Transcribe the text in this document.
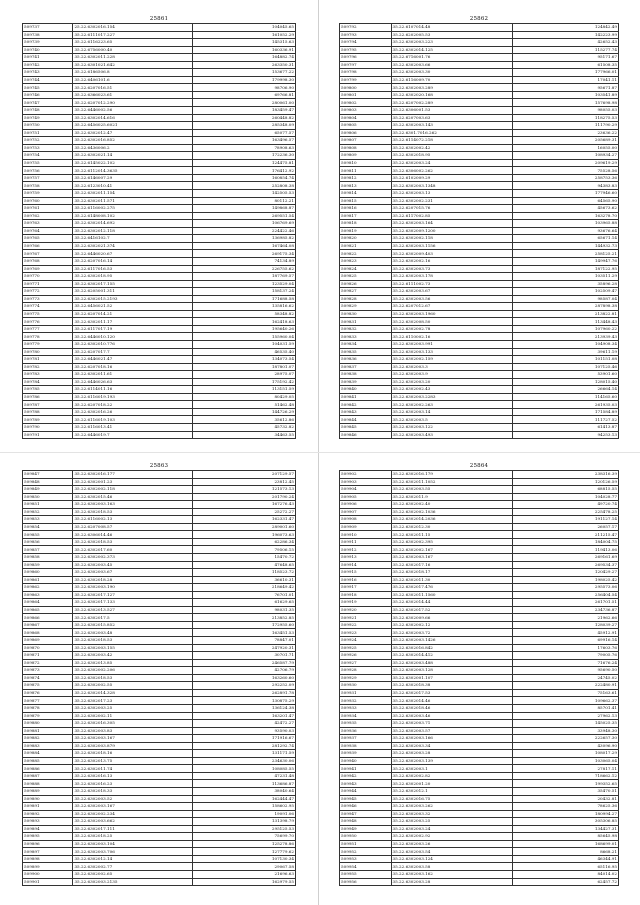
25861
509737	25.22.6302016.154	104045.65
509738	35.22.6111017.227	161052.29
509739	35.22.6116223.65	145315.63
509740	35.22.6756000.40	160336.91
509741	35.22.6302011.228	164882.74
509742	35.22.6301021.642	263350.31
509743	35.22.6186506.8	153677.22
509744	35.22.6406101.6	179998.30
509745	35.22.6207016.51	98706.90
509746	35.22.6366023.61	69766.81
509747	35.22.6207012.290	280061.00
509748	35.22.6446002.56	183459.47
509749	35.22.6302014.616	260448.82
509750	35.22.6456025.6021	285348.09
509751	35.22.6302012.47	65077.57
509752	35.22.6302016.852	163496.57
509753	35.22.6436006.2	78908.63
509754	35.22.6302021.14	172236.30
509755	35.22.6145022.102	124475.81
509756	35.22.6112014.3635	176412.92
509757	35.22.6146007.29	160854.74
509758	35.22.6123010.41	252808.38
509759	35.22.6302011.154	142505.53
509760	35.22.6302011.571	80112.21
509761	35.22.6116002.275	149868.87
509762	35.22.6148008.102	269551.54
509763	35.22.6302014.692	106769.69
509764	35.22.6302012.118	224422.46
509765	35.22.6416102.7	136985.82
509766	35.22.6302021.374	167464.08
509767	35.22.6446020.67	269175.34
509768	35.22.6207016.14	74134.89
509769	35.22.6117016.53	226755.62
509770	35.22.6302018.95	187769.57
509771	35.22.6302017.155	123529.04
509772	35.22.6205001.311	158137.24
509773	35.22.6302015.2193	171688.58
509774	35.22.6456021.52	135816.62
509775	35.22.6207014.21	58348.82
509776	35.22.6302011.17	162418.63
509777	35.22.6117017.19	195640.26
509778	35.22.6446010.120	155960.04
509779	35.22.6302010.776	104031.59
509780	35.22.6207017.7	46535.40
509781	35.22.6446021.47	134073.54
509782	35.22.6207018.16	187801.07
509783	35.22.6302011.61	28975.07
509784	35.22.6446026.63	175192.42
509785	35.22.6114011.16	113151.59
509786	35.22.6116019.193	80429.05
509787	35.22.6207018.22	51462.48
509788	35.22.6302016.26	144726.29
509789	35.22.6116019.103	35612.86
509790	35.22.6116013.41	45732.82
509791	35.22.6446019.7	34463.55
25862
509792	35.22.6107014.48	124842.49
509793	35.22.6202005.53	142223.99
509794	35.22.6302003.223	42652.43
509795	35.22.6302014.125	115277.74
509796	35.22.6716001.76	95171.67
509797	35.22.6302003.66	61508.35
509798	35.22.6302003.30	177966.01
509799	35.22.6116009.70	17041.11
509800	35.22.6302003.289	95671.87
509801	35.22.6302020.168	103541.89
509802	35.22.6207002.289	157698.98
509803	35.22.6306001.53	98055.03
509804	35.22.6207003.63	118275.53
509805	35.22.6302003.143	111790.29
509806	35.22.6301.7016.262	23636.22
509807	35.22.6114072.218	205689.31
509808	35.22.6302002.42	16055.00
509809	35.22.6302018.95	108934.27
509810	35.22.6302003.24	209619.29
509811	35.22.6306002.262	75528.56
509812	35.22.6102009.29	258753.36
509813	35.22.6302003.1348	94383.83
509814	35.22.6302003.13	177946.60
509815	35.22.6302002.231	64565.90
509816	35.22.6207015.76	45673.62
509817	35.22.6117002.85	163278.70
509818	35.22.6302003.164	103965.88
509819	35.22.6302009.1200	93676.64
509820	35.22.6302002.118	65671.14
509821	35.22.6302003.1156	144932.73
509822	35.22.6302009.403	258125.21
509823	35.22.6302002.16	149947.76
509824	35.22.6302003.73	187122.95
509825	35.22.6302003.178	103511.29
509826	35.22.6111002.73	35896.28
509827	35.22.6302003.67	102509.47
509828	35.22.6302003.56	98587.04
509829	35.22.6207012.67	287898.38
509830	35.22.6302003.1960	213822.81
509831	35.22.6302008.50	113448.43
509832	35.22.6302002.78	107960.22
509833	35.22.6110002.16	213939.43
509834	35.22.6302003.991	104908.34
509835	35.22.6302003.133	39611.19
509836	35.22.6302002.159	101151.08
509837	35.22.6302003.3	107125.46
509838	35.22.6302003.9	53901.60
509839	35.22.6302003.20	128015.40
509840	35.22.6302002.43	26664.14
509841	35.22.6302003.2283	114165.60
509842	35.22.6302002.263	261935.03
509843	35.22.6302003.14	171584.89
509844	35.22.6302003.5	111727.52
509845	35.22.6302003.122	61413.87
509846	35.22.6302003.493	94253.13
25863
509847	35.22.6302016.177	207129.57
509848	35.22.6302001.23	23812.45
509849	35.22.6302002.118	121573.13
509850	35.22.6302015.46	201790.24
509851	35.22.6302003.163	167276.43
509852	35.22.6302018.53	25272.27
509853	35.22.6116002.13	162331.47
509854	35.22.6207008.57	289001.60
509855	35.22.6306014.46	196073.63
509856	35.22.6302018.53	62286.34
509857	35.22.6302017.60	79506.15
509858	35.22.6302002.373	15470.72
509859	35.22.6302003.45	47648.65
509860	35.22.6302003.67	118523.72
509861	35.22.6302018.28	36610.31
509862	35.22.6302003.190	218649.42
509863	35.22.6302017.127	76701.01
509864	35.22.6302017.133	61629.65
509865	35.22.6302013.527	98031.35
509866	35.22.6302017.5	213852.85
509867	35.22.6302015.852	172955.60
509868	35.22.6302003.48	163451.53
509869	35.22.6302018.53	78847.01
509870	35.22.6302003.155	247920.31
509871	35.22.6302003.42	30701.71
509872	35.22.6302013.85	246587.79
509873	35.22.6302002.206	42706.79
509874	35.22.6302018.53	163260.60
509875	35.22.6302002.55	292252.09
509876	35.22.6302014.328	262891.78
509877	35.22.6302017.23	130875.29
509878	35.22.6302003.25	136124.38
509879	35.22.6302002.11	163201.47
509880	35.22.6302016.305	42472.27
509881	35.22.6302003.83	93590.03
509882	35.22.6302003.167	171916.67
509883	35.22.6302003.879	281292.74
509884	35.22.6302018.16	131171.59
509885	35.22.6302013.75	234630.06
509886	35.22.6302011.74	108085.55
509887	35.22.6302016.13	47231.48
509888	35.22.6302016.23	113686.87
509889	35.22.6302018.33	38040.64
509890	35.22.6302003.52	162444.47
509891	35.22.6302003.167	158602.95
509892	35.22.6302002.234	19091.06
509893	35.22.6302003.662	131398.79
509894	35.22.6302017.111	295125.53
509895	35.22.6302018.25	75699.70
509896	35.22.6302003.104	125278.86
509897	35.22.6302003.706	127779.62
509898	35.22.6302012.14	107130.34
509899	35.22.6302002.77	29067.58
509900	35.22.6302002.65	21696.63
509901	35.22.6302003.2135	162979.55
25864
509902	35.22.6302016.179	238316.39
509903	35.22.6302011.1052	120126.59
509904	35.22.6302003.55	68815.55
509905	35.22.6302011.9	104028.77
509906	35.22.6302002.40	49720.74
509907	35.22.6302002.1036	225478.25
509908	35.22.6302014.2036	191127.14
509909	35.22.6302012.30	26057.17
509910	35.22.6302011.15	211215.47
509911	35.22.6302002.395	184004.75
509912	35.22.6302002.167	119413.06
509913	35.22.6302003.167	269161.69
509914	35.22.6302017.16	269534.37
509915	35.22.6302018.17	120429.27
509916	35.22.6302011.30	198025.42
509917	35.22.6302017.476	295573.06
509918	35.22.6302011.1560	256404.54
509919	35.22.6302014.44	261701.51
509920	35.22.6302017.52	234736.87
509921	35.22.6302009.66	21962.66
509922	35.22.6302002.12	128039.27
509923	35.22.6302003.72	45912.91
509924	35.22.6302003.1426	69916.14
509925	35.22.6302016.842	17603.76
509926	35.22.6302014.412	79005.76
509927	35.22.6302003.488	71676.24
509928	35.22.6302003.128	95690.50
509929	35.22.6302001.107	24745.02
509930	35.22.6302018.38	222480.91
509931	35.22.6302017.53	75163.61
509932	35.22.6302014.46	109662.37
509933	35.22.6302018.46	85701.41
509934	35.22.6302003.46	27962.13
509935	35.22.6302003.71	145025.35
509936	35.22.6302003.57	33948.30
509937	35.22.6302003.166	222657.30
509938	35.22.6302003.34	43096.90
509939	35.22.6302003.28	108017.29
509940	35.22.6302003.139	103065.04
509941	35.22.6302003.1	27817.11
509942	35.22.6302002.82	718662.12
509943	35.22.6302001.20	199352.65
509944	35.22.6302012.1	35470.51
509945	35.22.6302016.75	20432.81
509946	35.22.6302003.262	78625.36
509947	35.22.6302003.32	180994.27
509948	35.22.6302003.25	305306.85
509949	35.22.6302003.24	134427.31
509950	35.22.6302002.92	85645.98
509951	35.22.6302003.26	168699.01
509952	35.22.6302003.54	8668.21
509953	35.22.6302003.124	46344.91
509954	35.22.6302003.58	65116.95
509955	35.22.6302003.162	84014.02
509956	35.22.6302003.28	62457.72
